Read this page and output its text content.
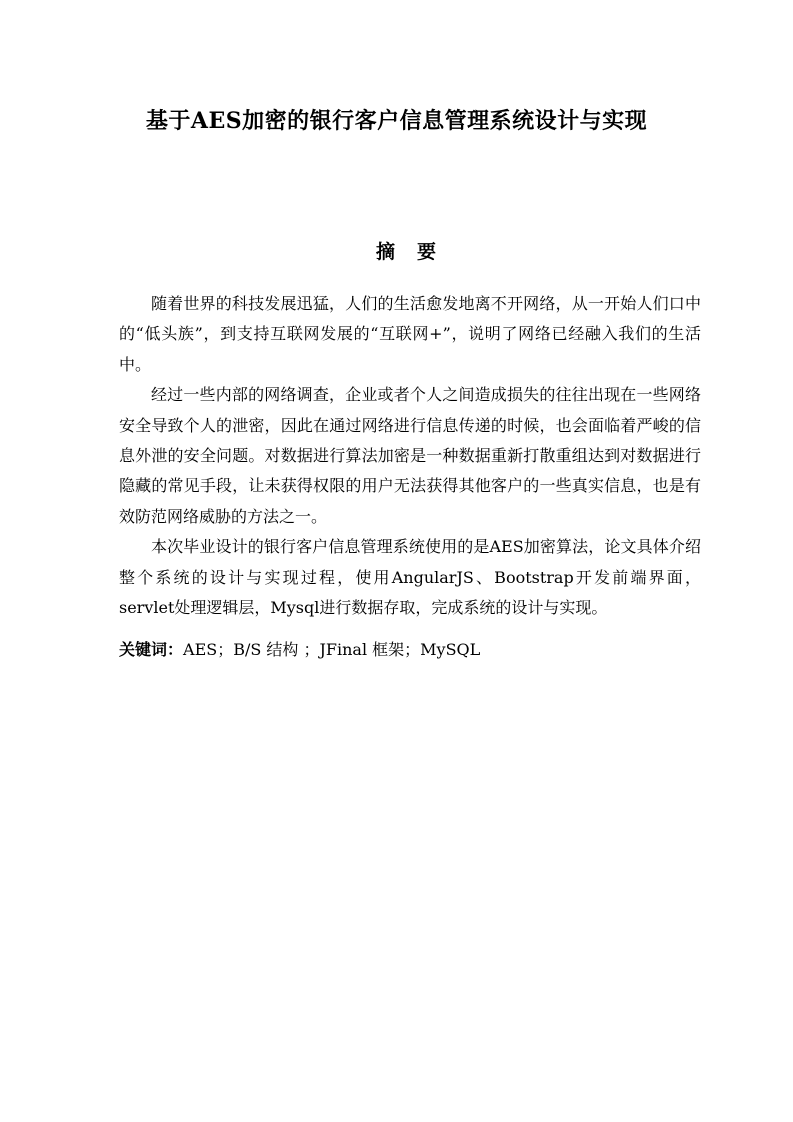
基于AES加密的银行客户信息管理系统设计与实现
摘 要

随着世界的科技发展迅猛，人们的生活愈发地离不开网络，从一开始人们口中的“低头族”，到支持互联网发展的“互联网+”，说明了网络已经融入我们的生活中。

经过一些内部的网络调查，企业或者个人之间造成损失的往往出现在一些网络安全导致个人的泄密，因此在通过网络进行信息传递的时候，也会面临着严峻的信息外泄的安全问题。对数据进行算法加密是一种数据重新打散重组达到对数据进行隐藏的常见手段，让未获得权限的用户无法获得其他客户的一些真实信息，也是有效防范网络威胁的方法之一。

本次毕业设计的银行客户信息管理系统使用的是AES加密算法，论文具体介绍整个系统的设计与实现过程，使用AngularJS、Bootstrap开发前端界面，servlet处理逻辑层，Mysql进行数据存取，完成系统的设计与实现。

关键词：AES；B/S 结构 ；JFinal 框架；MySQL
